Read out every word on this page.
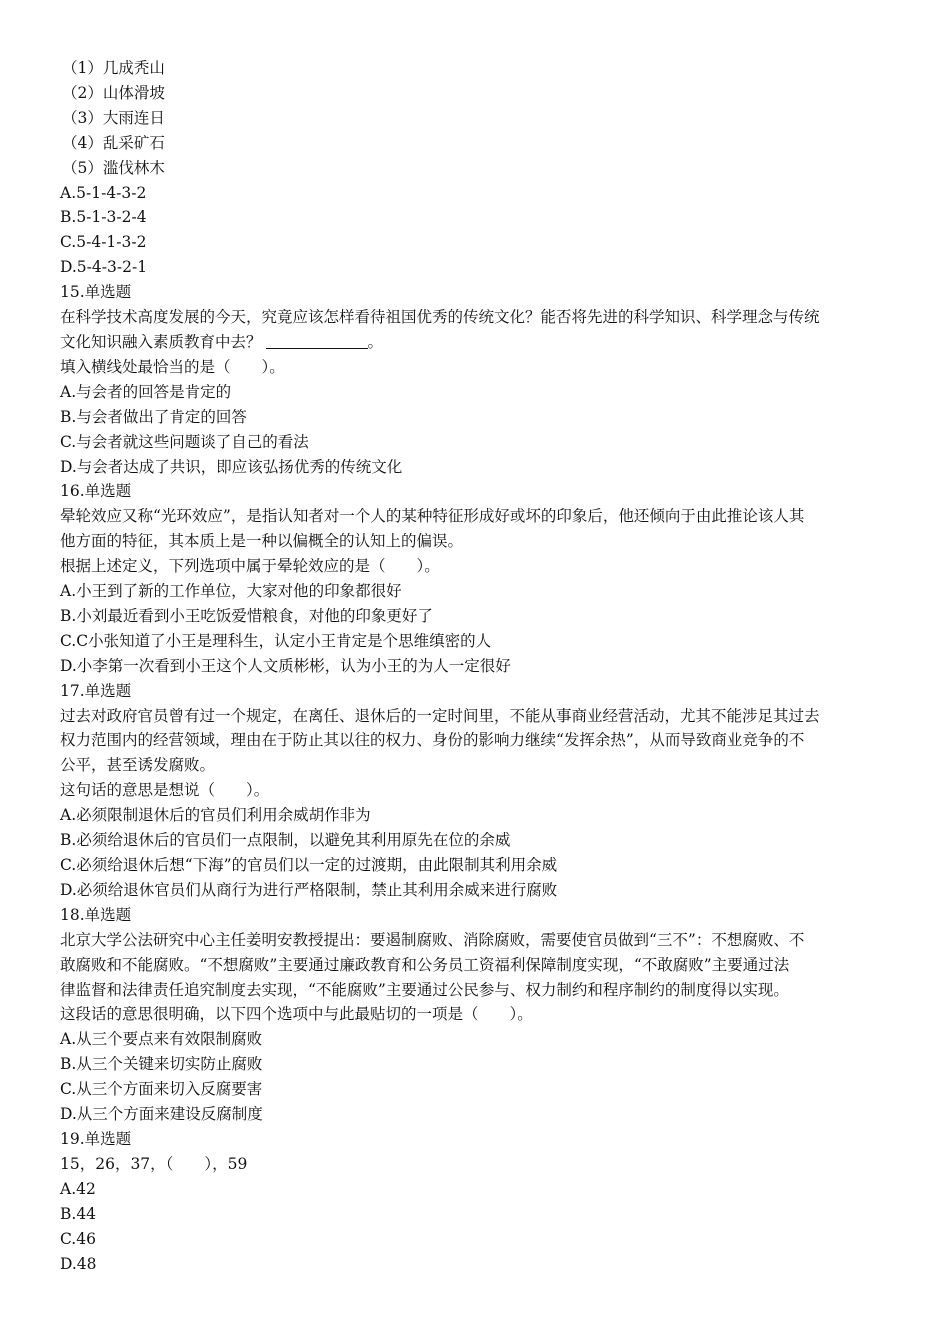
（1）几成秃山

（2）山体滑坡

（3）大雨连日

（4）乱采矿石

（5）滥伐林木

A.5-1-4-3-2

B.5-1-3-2-4

C.5-4-1-3-2

D.5-4-3-2-1

15.单选题

在科学技术高度发展的今天，究竟应该怎样看待祖国优秀的传统文化？能否将先进的科学知识、科学理念与传统

文化知识融入素质教育中去？	。

填入横线处最恰当的是（　　）。

A.与会者的回答是肯定的

B.与会者做出了肯定的回答

C.与会者就这些问题谈了自己的看法

D.与会者达成了共识，即应该弘扬优秀的传统文化

16.单选题

晕轮效应又称“光环效应”，是指认知者对一个人的某种特征形成好或坏的印象后，他还倾向于由此推论该人其

他方面的特征，其本质上是一种以偏概全的认知上的偏误。

根据上述定义，下列选项中属于晕轮效应的是（　　）。

A.小王到了新的工作单位，大家对他的印象都很好

B.小刘最近看到小王吃饭爱惜粮食，对他的印象更好了

C.C小张知道了小王是理科生，认定小王肯定是个思维缜密的人

D.小李第一次看到小王这个人文质彬彬，认为小王的为人一定很好

17.单选题

过去对政府官员曾有过一个规定，在离任、退休后的一定时间里，不能从事商业经营活动，尤其不能涉足其过去

权力范围内的经营领域，理由在于防止其以往的权力、身份的影响力继续“发挥余热”，从而导致商业竞争的不

公平，甚至诱发腐败。

这句话的意思是想说（　　）。

A.必须限制退休后的官员们利用余威胡作非为

B.必须给退休后的官员们一点限制，以避免其利用原先在位的余威

C.必须给退休后想“下海”的官员们以一定的过渡期，由此限制其利用余威

D.必须给退休官员们从商行为进行严格限制，禁止其利用余威来进行腐败

18.单选题

北京大学公法研究中心主任姜明安教授提出：要遏制腐败、消除腐败，需要使官员做到“三不”：不想腐败、不

敢腐败和不能腐败。“不想腐败”主要通过廉政教育和公务员工资福利保障制度实现，“不敢腐败”主要通过法

律监督和法律责任追究制度去实现，“不能腐败”主要通过公民参与、权力制约和程序制约的制度得以实现。

这段话的意思很明确，以下四个选项中与此最贴切的一项是（　　）。

A.从三个要点来有效限制腐败

B.从三个关键来切实防止腐败

C.从三个方面来切入反腐要害

D.从三个方面来建设反腐制度

19.单选题

15，26，37，（　　），59

A.42

B.44

C.46

D.48
